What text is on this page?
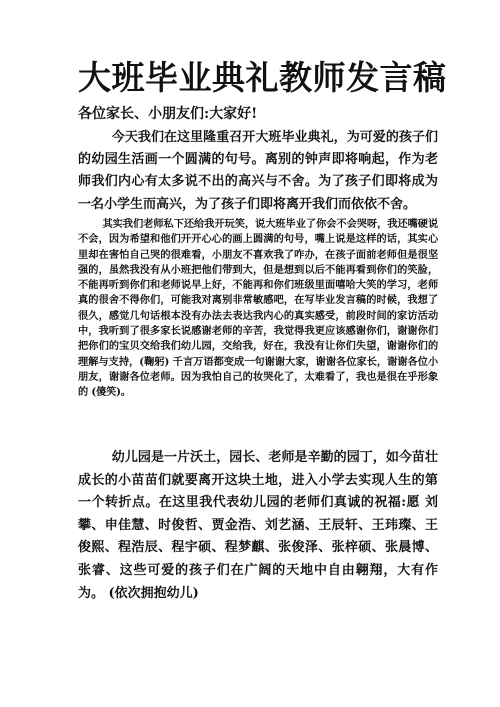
大班毕业典礼教师发言稿
各位家长、小朋友们:大家好!
今天我们在这里隆重召开大班毕业典礼，为可爱的孩子们的幼园生活画一个圆满的句号。离别的钟声即将响起，作为老师我们内心有太多说不出的高兴与不舍。为了孩子们即将成为一名小学生而高兴，为了孩子们即将离开我们而依依不舍。
其实我们老师私下还给我开玩笑，说大班毕业了你会不会哭呀，我还嘴硬说不会，因为希望和他们开开心心的画上圆满的句号，嘴上说是这样的话，其实心里却在害怕自己哭的很难看，小朋友不喜欢我了咋办，在孩子面前老师但是很坚强的，虽然我没有从小班把他们带到大，但是想到以后不能再看到你们的笑脸，不能再听到你们和老师说早上好，不能再和你们班级里面嘻哈大笑的学习，老师真的很舍不得你们，可能我对离别非常敏感吧，在写毕业发言稿的时候，我想了很久，感觉几句话根本没有办法去表达我内心的真实感受，前段时间的家访活动中，我听到了很多家长说感谢老师的辛苦，我觉得我更应该感谢你们，谢谢你们把你们的宝贝交给我们幼儿园，交给我，好在，我没有让你们失望，谢谢你们的理解与支持，(鞠躬) 千言万语都变成一句谢谢大家，谢谢各位家长，谢谢各位小朋友，谢谢各位老师。因为我怕自己的妆哭化了，太难看了，我也是很在乎形象的 (傻笑)。
幼儿园是一片沃土，园长、老师是辛勤的园丁，如今苗壮成长的小苗苗们就要离开这块土地，进入小学去实现人生的第一个转折点。在这里我代表幼儿园的老师们真诚的祝福:愿 刘攀、申佳慧、时俊哲、贾金浩、刘艺涵、王辰轩、王玮璨、王俊熙、程浩辰、程宇硕、程梦麒、张俊泽、张梓硕、张晨博、张睿、这些可爱的孩子们在广阔的天地中自由翱翔，大有作为。 (依次拥抱幼儿)
